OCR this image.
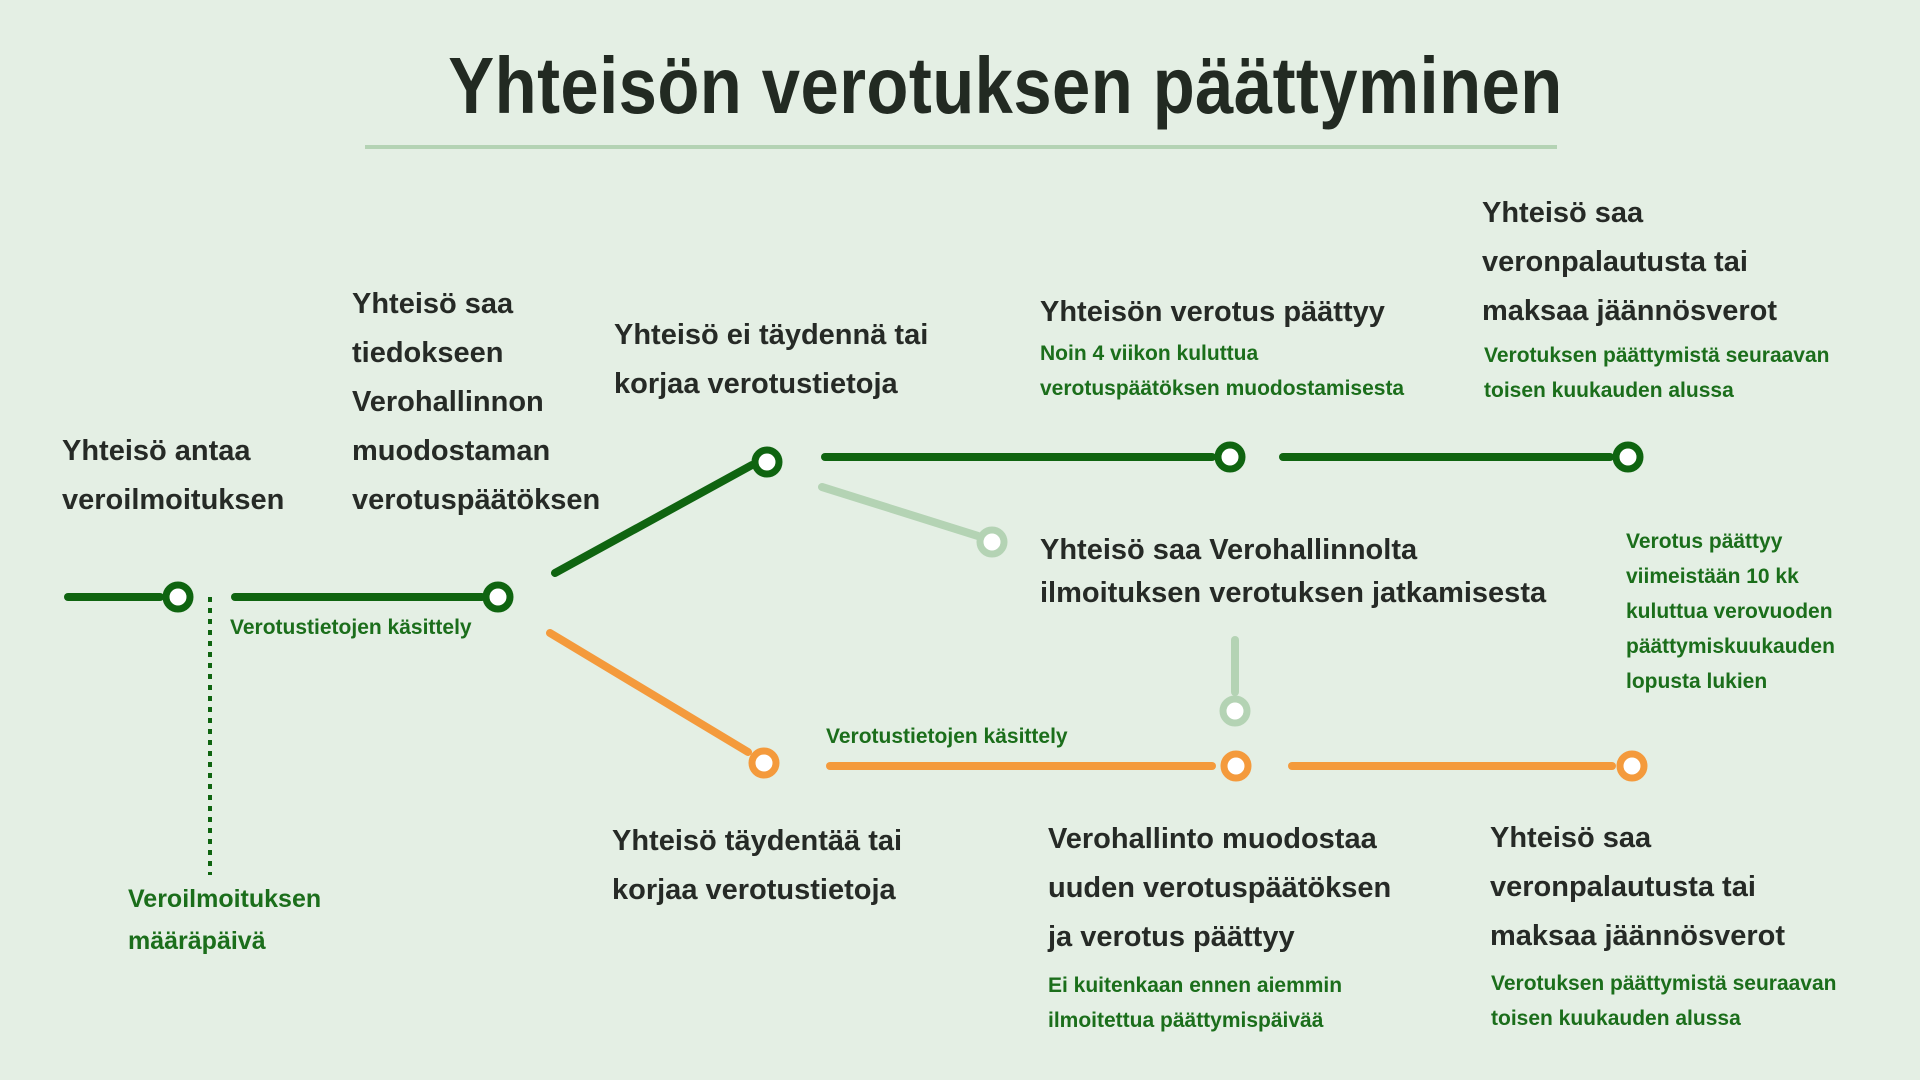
Yhteisön verotuksen päättyminen
Yhteisö antaa
veroilmoituksen
Yhteisö saa
tiedokseen
Verohallinnon
muodostaman
verotuspäätöksen
Yhteisö ei täydennä tai
korjaa verotustietoja
Yhteisön verotus päättyy
Noin 4 viikon kuluttua
verotuspäätöksen muodostamisesta
Yhteisö saa
veronpalautusta tai
maksaa jäännösverot
Verotuksen päättymistä seuraavan
toisen kuukauden alussa
Yhteisö saa Verohallinnolta
ilmoituksen verotuksen jatkamisesta
Verotus päättyy
viimeistään 10 kk
kuluttua verovuoden
päättymiskuukauden
lopusta lukien
Verotustietojen käsittely
Verotustietojen käsittely
Yhteisö täydentää tai
korjaa verotustietoja
Verohallinto muodostaa
uuden verotuspäätöksen
ja verotus päättyy
Ei kuitenkaan ennen aiemmin
ilmoitettua päättymispäivää
Yhteisö saa
veronpalautusta tai
maksaa jäännösverot
Verotuksen päättymistä seuraavan
toisen kuukauden alussa
Veroilmoituksen
määräpäivä
